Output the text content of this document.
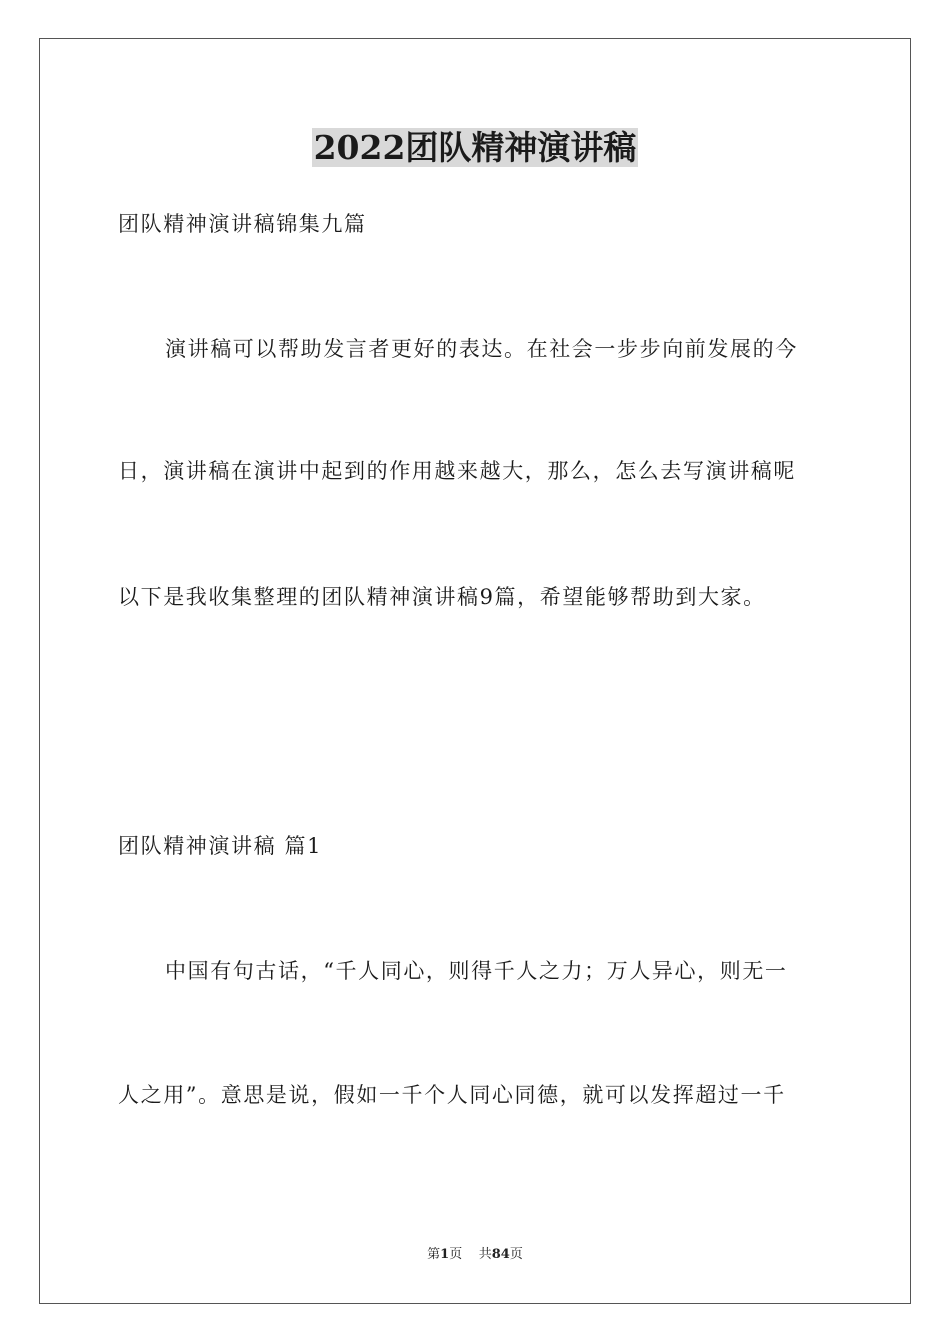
2022团队精神演讲稿

团队精神演讲稿锦集九篇

演讲稿可以帮助发言者更好的表达。在社会一步步向前发展的今

日，演讲稿在演讲中起到的作用越来越大，那么，怎么去写演讲稿呢

以下是我收集整理的团队精神演讲稿9篇，希望能够帮助到大家。

团队精神演讲稿 篇1

中国有句古话，“千人同心，则得千人之力；万人异心，则无一

人之用”。意思是说，假如一千个人同心同德，就可以发挥超过一千

第1页 共84页
